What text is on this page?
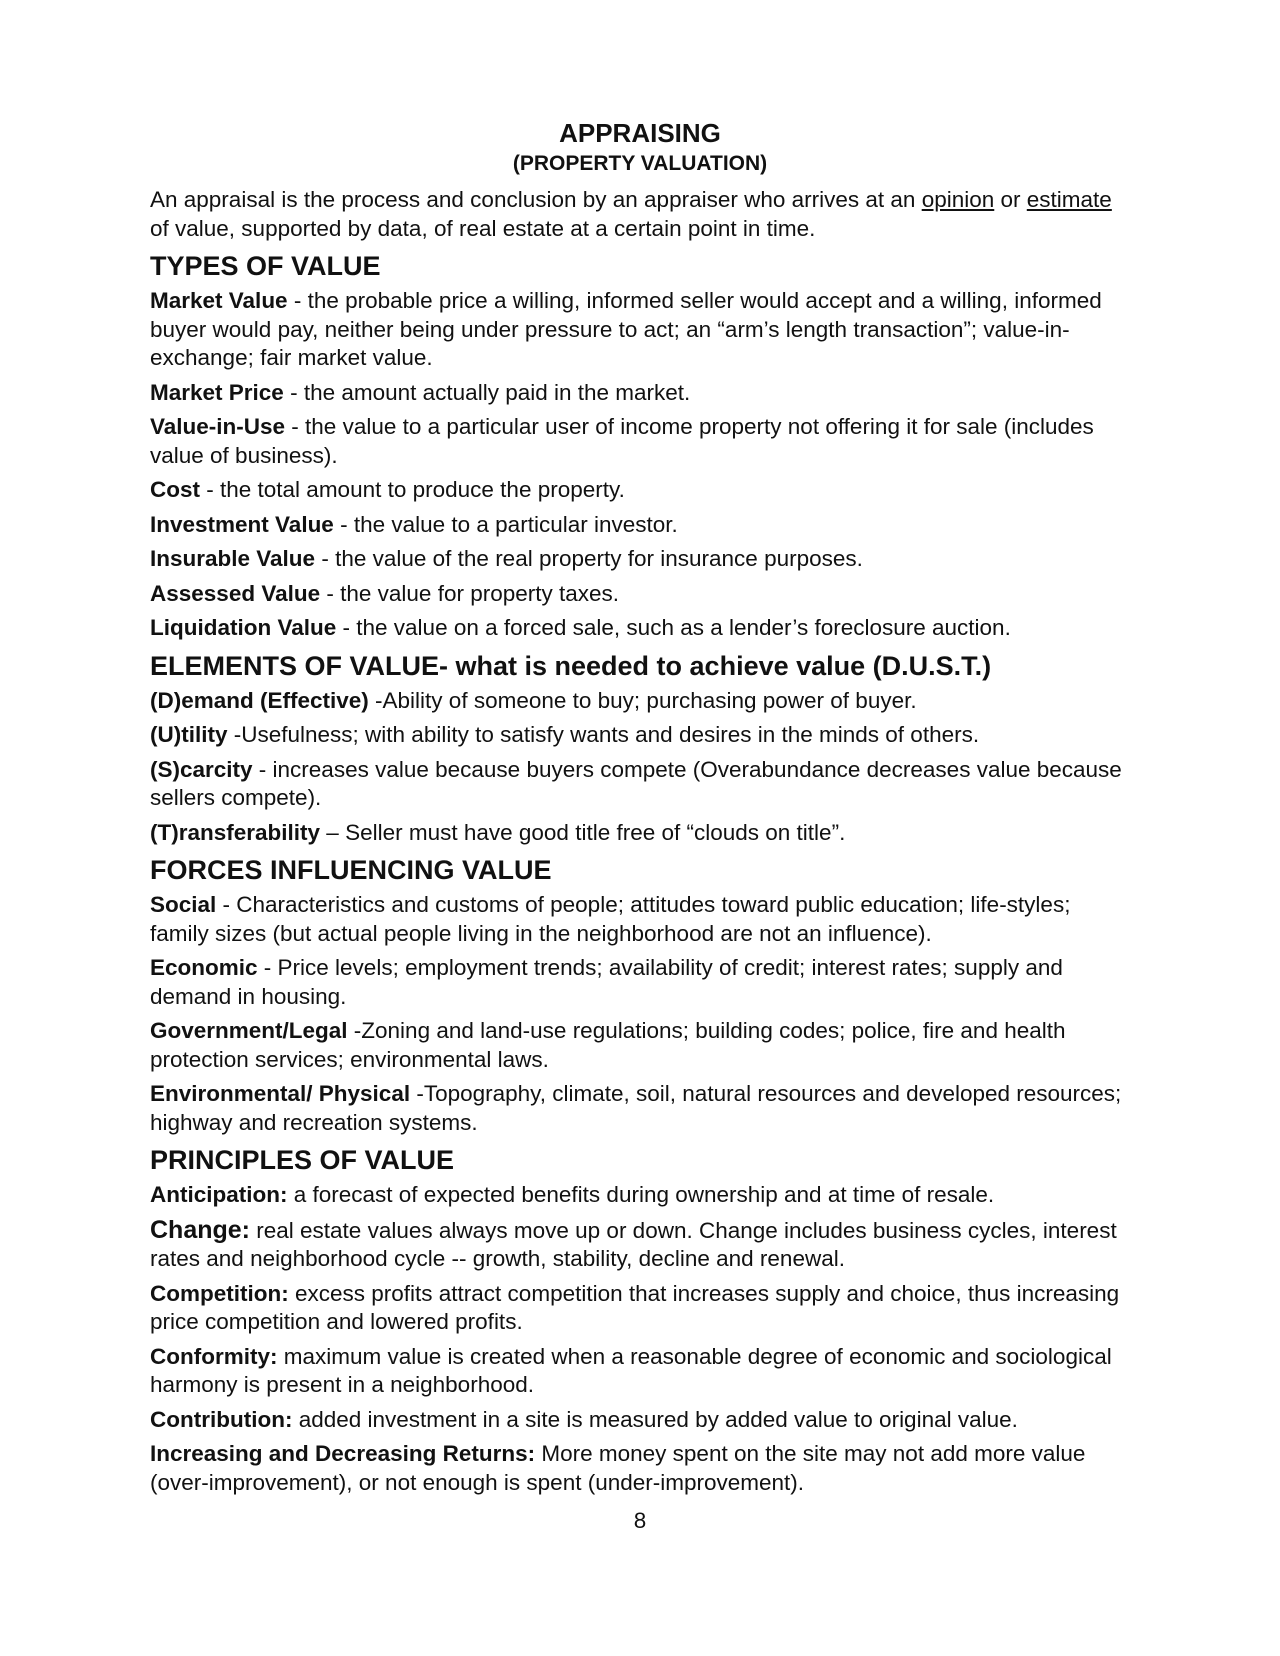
APPRAISING
(PROPERTY VALUATION)

An appraisal is the process and conclusion by an appraiser who arrives at an opinion or estimate of value, supported by data, of real estate at a certain point in time.

TYPES OF VALUE

Market Value - the probable price a willing, informed seller would accept and a willing, informed buyer would pay, neither being under pressure to act; an “arm’s length transaction”; value-in-exchange; fair market value.

Market Price - the amount actually paid in the market.

Value-in-Use - the value to a particular user of income property not offering it for sale (includes value of business).

Cost - the total amount to produce the property.

Investment Value - the value to a particular investor.

Insurable Value - the value of the real property for insurance purposes.

Assessed Value - the value for property taxes.

Liquidation Value - the value on a forced sale, such as a lender’s foreclosure auction.

ELEMENTS OF VALUE- what is needed to achieve value (D.U.S.T.)

(D)emand (Effective) -Ability of someone to buy; purchasing power of buyer.

(U)tility -Usefulness; with ability to satisfy wants and desires in the minds of others.

(S)carcity - increases value because buyers compete (Overabundance decreases value because sellers compete).

(T)ransferability – Seller must have good title free of “clouds on title”.

FORCES INFLUENCING VALUE

Social - Characteristics and customs of people; attitudes toward public education; life-styles; family sizes (but actual people living in the neighborhood are not an influence).

Economic - Price levels; employment trends; availability of credit; interest rates; supply and demand in housing.

Government/Legal -Zoning and land-use regulations; building codes; police, fire and health protection services; environmental laws.

Environmental/ Physical -Topography, climate, soil, natural resources and developed resources; highway and recreation systems.

PRINCIPLES OF VALUE

Anticipation: a forecast of expected benefits during ownership and at time of resale.

Change: real estate values always move up or down. Change includes business cycles, interest rates and neighborhood cycle -- growth, stability, decline and renewal.

Competition: excess profits attract competition that increases supply and choice, thus increasing price competition and lowered profits.

Conformity: maximum value is created when a reasonable degree of economic and sociological harmony is present in a neighborhood.

Contribution: added investment in a site is measured by added value to original value.

Increasing and Decreasing Returns: More money spent on the site may not add more value (over-improvement), or not enough is spent (under-improvement).

8
